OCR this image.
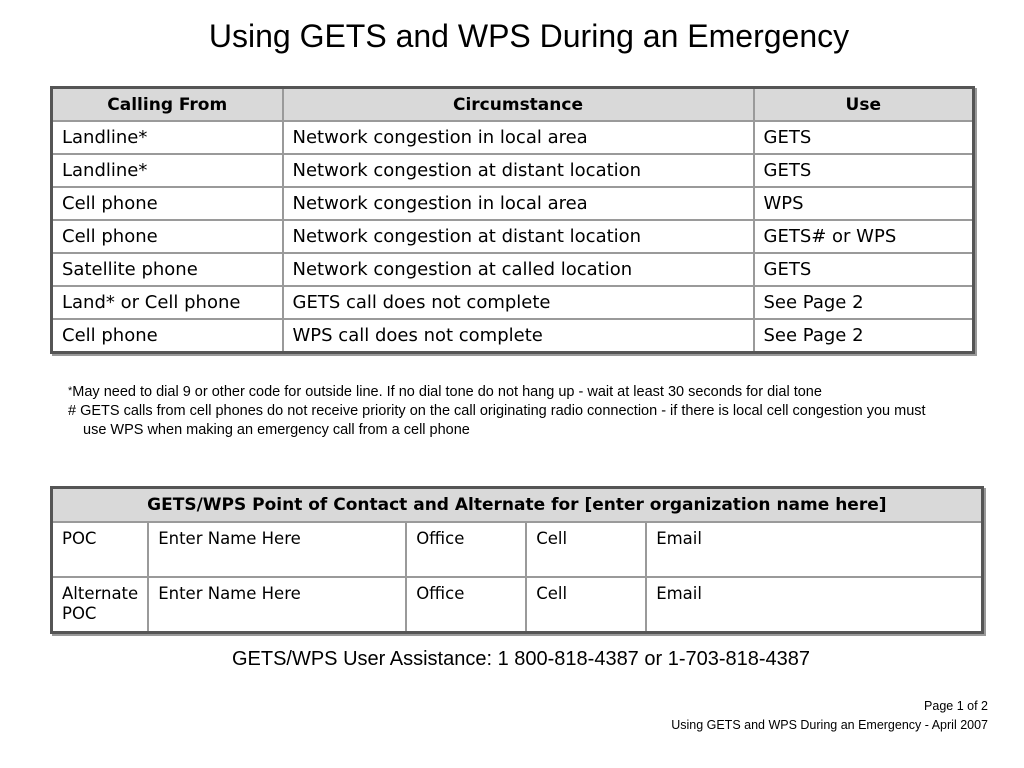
Using GETS and WPS During an Emergency
Calling From	Circumstance	Use
Landline*	Network congestion in local area	GETS
Landline*	Network congestion at distant location	GETS
Cell phone	Network congestion in local area	WPS
Cell phone	Network congestion at distant location	GETS# or WPS
Satellite phone	Network congestion at called location	GETS
Land* or Cell phone	GETS call does not complete	See Page 2
Cell phone	WPS call does not complete	See Page 2

*May need to dial 9 or other code for outside line. If no dial tone do not hang up - wait at least 30 seconds for dial tone

# GETS calls from cell phones do not receive priority on the call originating radio connection - if there is local cell congestion you must use WPS when making an emergency call from a cell phone

GETS/WPS Point of Contact and Alternate for [enter organization name here]				
POC	Enter Name Here	Office	Cell	Email
Alternate POC	Enter Name Here	Office	Cell	Email
GETS/WPS User Assistance: 1 800-818-4387 or 1-703-818-4387
Page 1 of 2
Using GETS and WPS During an Emergency - April 2007
